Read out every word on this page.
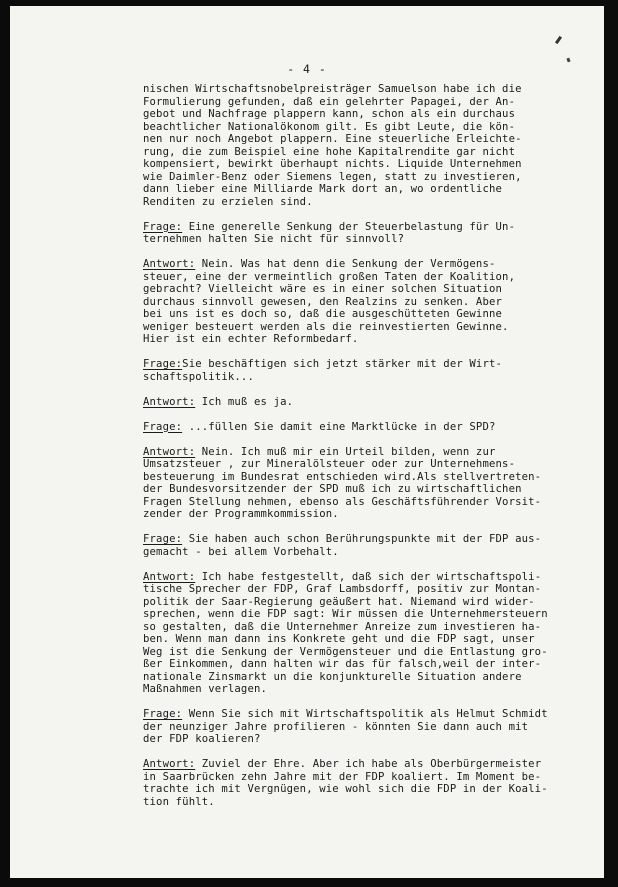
- 4 -
nischen Wirtschaftsnobelpreisträger Samuelson habe ich die
Formulierung gefunden, daß ein gelehrter Papagei, der An-
gebot und Nachfrage plappern kann, schon als ein durchaus
beachtlicher Nationalökonom gilt. Es gibt Leute, die kön-
nen nur noch Angebot plappern. Eine steuerliche Erleichte-
rung, die zum Beispiel eine hohe Kapitalrendite gar nicht
kompensiert, bewirkt überhaupt nichts. Liquide Unternehmen
wie Daimler-Benz oder Siemens legen, statt zu investieren,
dann lieber eine Milliarde Mark dort an, wo ordentliche
Renditen zu erzielen sind.
Frage: Eine generelle Senkung der Steuerbelastung für Un-
ternehmen halten Sie nicht für sinnvoll?
Antwort: Nein. Was hat denn die Senkung der Vermögens-
steuer, eine der vermeintlich großen Taten der Koalition,
gebracht? Vielleicht wäre es in einer solchen Situation
durchaus sinnvoll gewesen, den Realzins zu senken. Aber
bei uns ist es doch so, daß die ausgeschütteten Gewinne
weniger besteuert werden als die reinvestierten Gewinne.
Hier ist ein echter Reformbedarf.
Frage:Sie beschäftigen sich jetzt stärker mit der Wirt-
schaftspolitik...
Antwort: Ich muß es ja.
Frage: ...füllen Sie damit eine Marktlücke in der SPD?
Antwort: Nein. Ich muß mir ein Urteil bilden, wenn zur
Umsatzsteuer , zur Mineralölsteuer oder zur Unternehmens-
besteuerung im Bundesrat entschieden wird.Als stellvertreten-
der Bundesvorsitzender der SPD muß ich zu wirtschaftlichen
Fragen Stellung nehmen, ebenso als Geschäftsführender Vorsit-
zender der Programmkommission.
Frage: Sie haben auch schon Berührungspunkte mit der FDP aus-
gemacht - bei allem Vorbehalt.
Antwort: Ich habe festgestellt, daß sich der wirtschaftspoli-
tische Sprecher der FDP, Graf Lambsdorff, positiv zur Montan-
politik der Saar-Regierung geäußert hat. Niemand wird wider-
sprechen, wenn die FDP sagt: Wir müssen die Unternehmersteuern
so gestalten, daß die Unternehmer Anreize zum investieren ha-
ben. Wenn man dann ins Konkrete geht und die FDP sagt, unser
Weg ist die Senkung der Vermögensteuer und die Entlastung gro-
ßer Einkommen, dann halten wir das für falsch,weil der inter-
nationale Zinsmarkt un die konjunkturelle Situation andere
Maßnahmen verlagen.
Frage: Wenn Sie sich mit Wirtschaftspolitik als Helmut Schmidt
der neunziger Jahre profilieren - könnten Sie dann auch mit
der FDP koalieren?
Antwort: Zuviel der Ehre. Aber ich habe als Oberbürgermeister
in Saarbrücken zehn Jahre mit der FDP koaliert. Im Moment be-
trachte ich mit Vergnügen, wie wohl sich die FDP in der Koali-
tion fühlt.
